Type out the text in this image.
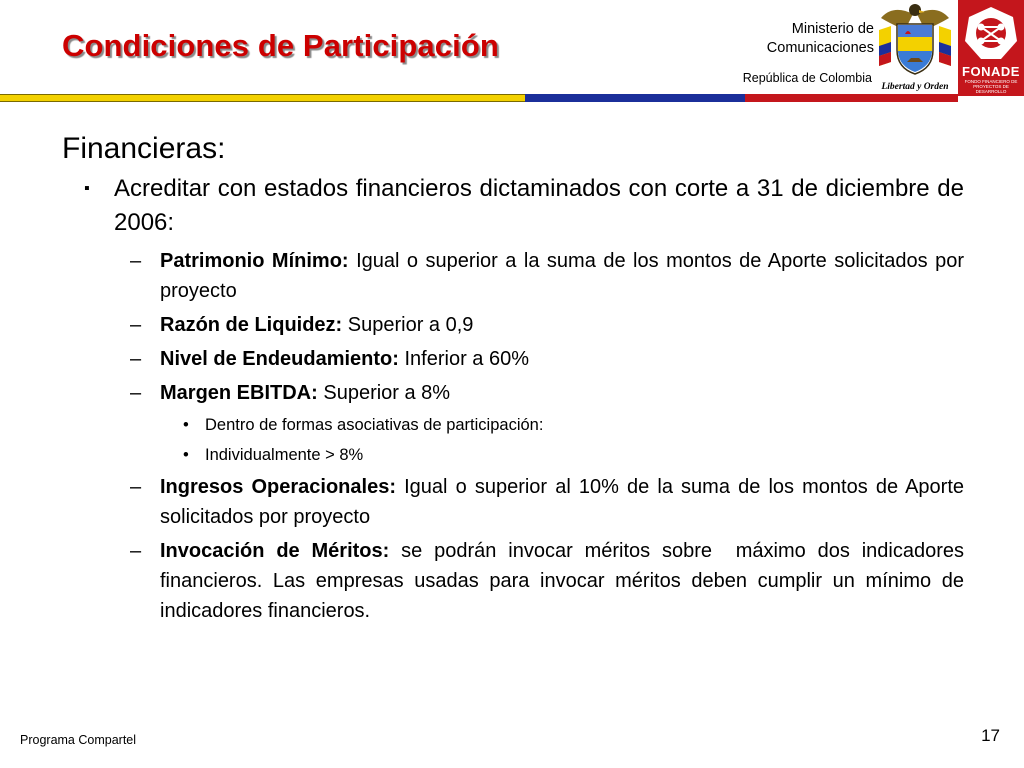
Condiciones de Participación	Ministerio de
Comunicaciones
República de Colombia
Libertad y Orden
FONADE
FONDO FINANCIERO DE PROYECTOS DE DESARROLLO
Financieras:
▪ Acreditar con estados financieros dictaminados con corte a 31 de diciembre de 2006:
– Patrimonio Mínimo: Igual o superior a la suma de los montos de Aporte solicitados por proyecto
– Razón de Liquidez: Superior a 0,9
– Nivel de Endeudamiento: Inferior a 60%
– Margen EBITDA: Superior a 8%
• Dentro de formas asociativas de participación:
• Individualmente > 8%
– Ingresos Operacionales: Igual o superior al 10% de la suma de los montos de Aporte solicitados por proyecto
– Invocación de Méritos: se podrán invocar méritos sobre  máximo dos indicadores financieros. Las empresas usadas para invocar méritos deben cumplir un mínimo de indicadores financieros.
Programa Compartel	17
